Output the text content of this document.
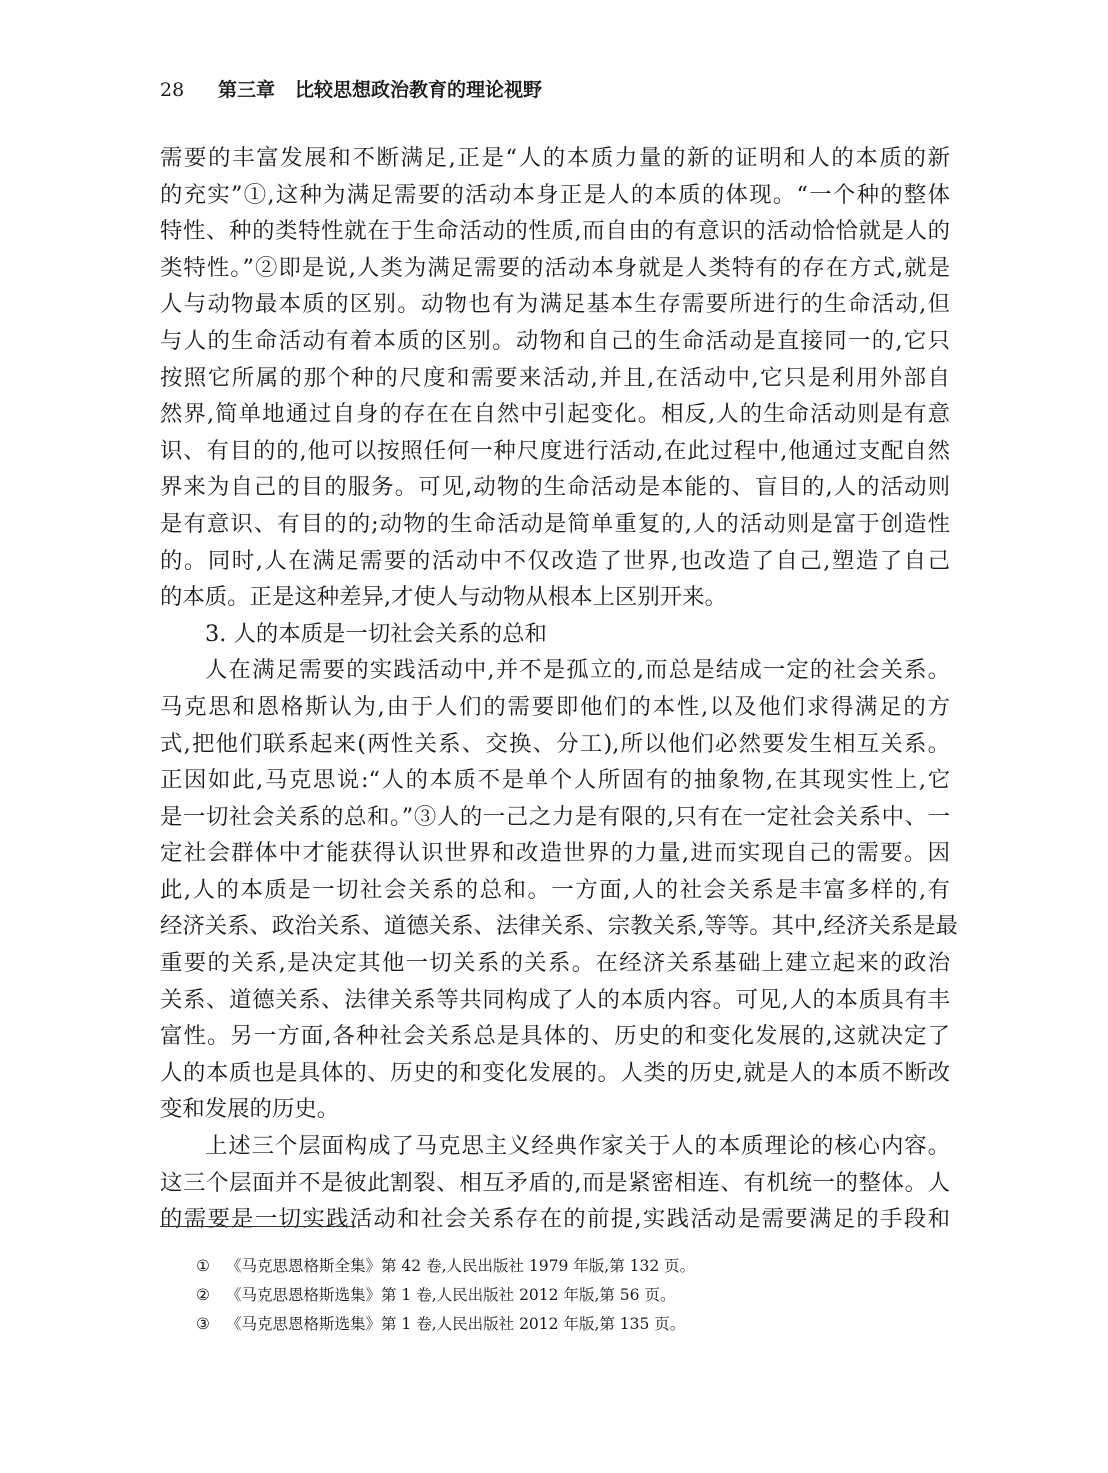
28 第三章 比较思想政治教育的理论视野
需要的丰富发展和不断满足,正是“人的本质力量的新的证明和人的本质的新
的充实”①,这种为满足需要的活动本身正是人的本质的体现。“一个种的整体
特性、种的类特性就在于生命活动的性质,而自由的有意识的活动恰恰就是人的
类特性。”②即是说,人类为满足需要的活动本身就是人类特有的存在方式,就是
人与动物最本质的区别。动物也有为满足基本生存需要所进行的生命活动,但
与人的生命活动有着本质的区别。动物和自己的生命活动是直接同一的,它只
按照它所属的那个种的尺度和需要来活动,并且,在活动中,它只是利用外部自
然界,简单地通过自身的存在在自然中引起变化。相反,人的生命活动则是有意
识、有目的的,他可以按照任何一种尺度进行活动,在此过程中,他通过支配自然
界来为自己的目的服务。可见,动物的生命活动是本能的、盲目的,人的活动则
是有意识、有目的的;动物的生命活动是简单重复的,人的活动则是富于创造性
的。同时,人在满足需要的活动中不仅改造了世界,也改造了自己,塑造了自己
的本质。正是这种差异,才使人与动物从根本上区别开来。
3. 人的本质是一切社会关系的总和
人在满足需要的实践活动中,并不是孤立的,而总是结成一定的社会关系。
马克思和恩格斯认为,由于人们的需要即他们的本性,以及他们求得满足的方
式,把他们联系起来(两性关系、交换、分工),所以他们必然要发生相互关系。
正因如此,马克思说:“人的本质不是单个人所固有的抽象物,在其现实性上,它
是一切社会关系的总和。”③人的一己之力是有限的,只有在一定社会关系中、一
定社会群体中才能获得认识世界和改造世界的力量,进而实现自己的需要。因
此,人的本质是一切社会关系的总和。一方面,人的社会关系是丰富多样的,有
经济关系、政治关系、道德关系、法律关系、宗教关系,等等。其中,经济关系是最
重要的关系,是决定其他一切关系的关系。在经济关系基础上建立起来的政治
关系、道德关系、法律关系等共同构成了人的本质内容。可见,人的本质具有丰
富性。另一方面,各种社会关系总是具体的、历史的和变化发展的,这就决定了
人的本质也是具体的、历史的和变化发展的。人类的历史,就是人的本质不断改
变和发展的历史。
上述三个层面构成了马克思主义经典作家关于人的本质理论的核心内容。
这三个层面并不是彼此割裂、相互矛盾的,而是紧密相连、有机统一的整体。人
的需要是一切实践活动和社会关系存在的前提,实践活动是需要满足的手段和
① 《马克思恩格斯全集》第 42 卷,人民出版社 1979 年版,第 132 页。
② 《马克思恩格斯选集》第 1 卷,人民出版社 2012 年版,第 56 页。
③ 《马克思恩格斯选集》第 1 卷,人民出版社 2012 年版,第 135 页。
